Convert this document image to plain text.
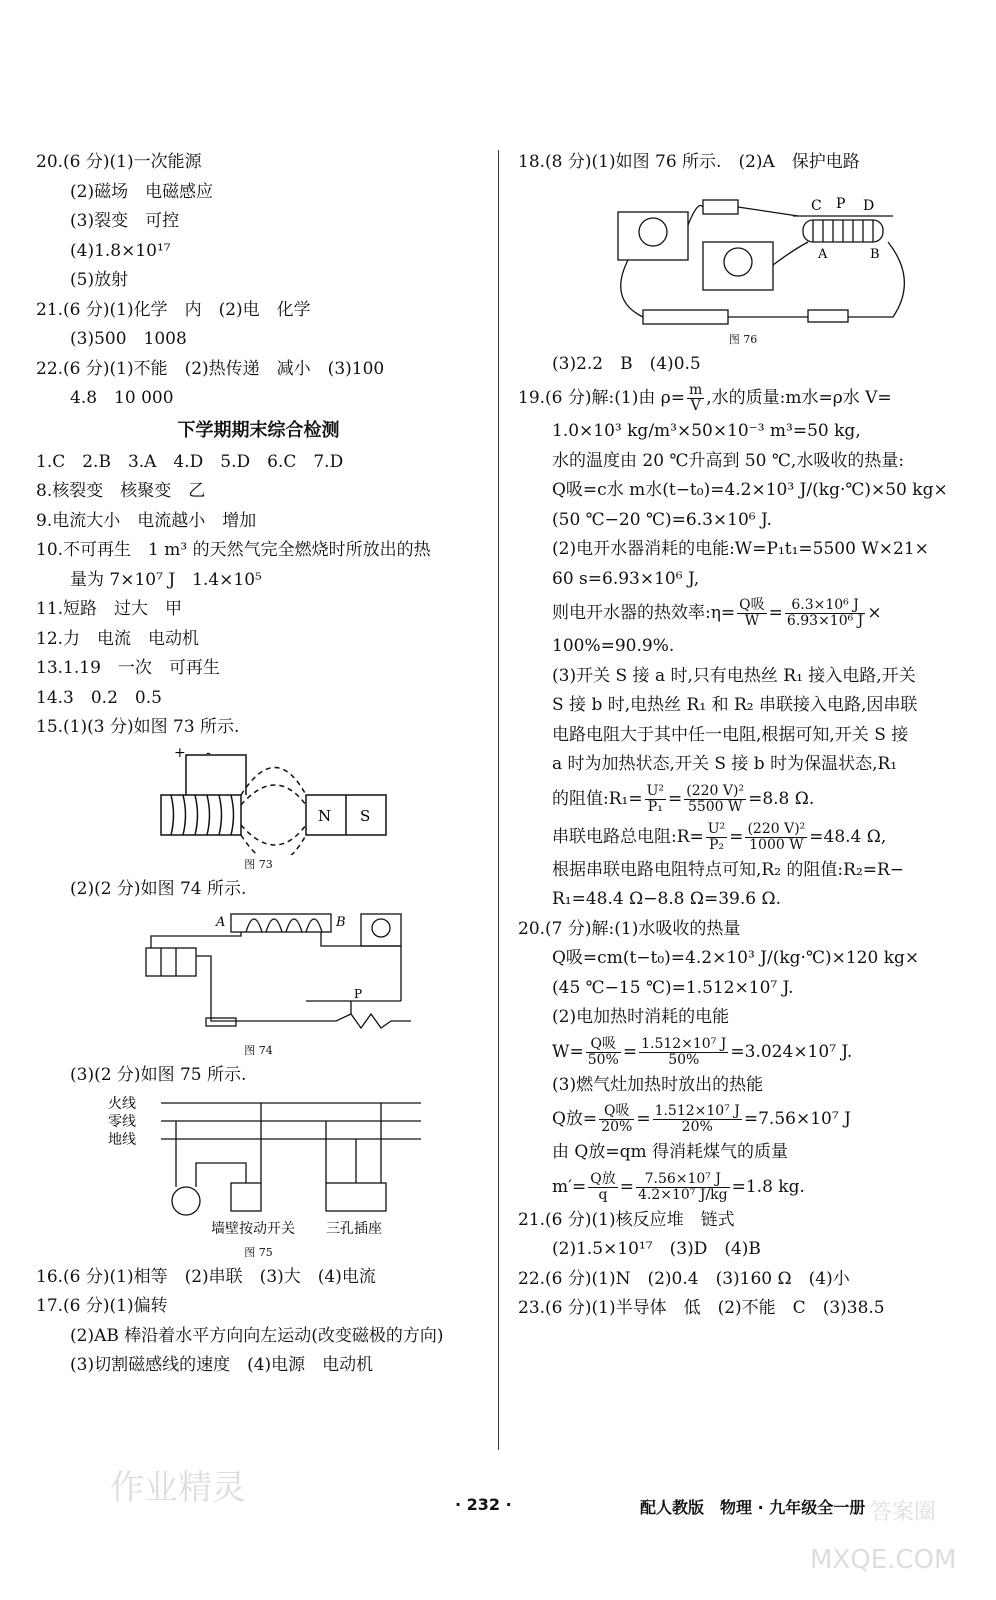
20.(6 分)(1)一次能源
(2)磁场　电磁感应
(3)裂变　可控
(4)1.8×10¹⁷
(5)放射
21.(6 分)(1)化学　内　(2)电　化学
(3)500　1008
22.(6 分)(1)不能　(2)热传递　减小　(3)100
4.8　10 000
下学期期末综合检测
1.C　2.B　3.A　4.D　5.D　6.C　7.D
8.核裂变　核聚变　乙
9.电流大小　电流越小　增加
10.不可再生　1 m³ 的天然气完全燃烧时所放出的热
量为 7×10⁷ J　1.4×10⁵
11.短路　过大　甲
12.力　电流　电动机
13.1.19　一次　可再生
14.3　0.2　0.5
15.(1)(3 分)如图 73 所示.
+ -
N S
图 73
(2)(2 分)如图 74 所示.
A	B
P
图 74
(3)(2 分)如图 75 所示.
火线
零线
地线
墙壁按动开关 三孔插座
图 75
16.(6 分)(1)相等　(2)串联　(3)大　(4)电流
17.(6 分)(1)偏转
(2)AB 棒沿着水平方向向左运动(改变磁极的方向)
(3)切割磁感线的速度　(4)电源　电动机
18.(8 分)(1)如图 76 所示.　(2)A　保护电路
C P D
A	B
图 76
(3)2.2　B　(4)0.5
19.(6 分)解:(1)由 $\rho= \frac{m}{V}$ ,水的质量:m水=ρ水 V=
1.0×10³ kg/m³×50×10⁻³ m³=50 kg,
水的温度由 20 ℃升高到 50 ℃,水吸收的热量:
Q吸=c水 m水(t−t₀)=4.2×10³ J/(kg·℃)×50 kg×
(50 ℃−20 ℃)=6.3×10⁶ J.
(2)电开水器消耗的电能:W=P₁t₁=5500 W×21×
60 s=6.93×10⁶ J,
则电开水器的热效率:η= $\frac{\text{Q吸}}{W} = \frac{\text{6.3×10⁶ J}}{\text{6.93×10⁶ J}}$ ×
100%=90.9%.
(3)开关 S 接 a 时,只有电热丝 R₁ 接入电路,开关
S 接 b 时,电热丝 R₁ 和 R₂ 串联接入电路,因串联
电路电阻大于其中任一电阻,根据可知,开关 S 接
a 时为加热状态,开关 S 接 b 时为保温状态,R₁
的阻值:R₁= $\frac{\text{U²}}{\text{P₁}} = \frac{\text{(220 V)²}}{5500 W} =8.8$ Ω.
串联电路总电阻:R= $\frac{\text{U²}}{\text{P₂}} = \frac{\text{(220 V)²}}{1000 W} =48.4$ Ω,
根据串联电路电阻特点可知,R₂ 的阻值:R₂=R−
R₁=48.4 Ω−8.8 Ω=39.6 Ω.
20.(7 分)解:(1)水吸收的热量
Q吸=cm(t−t₀)=4.2×10³ J/(kg·℃)×120 kg×
(45 ℃−15 ℃)=1.512×10⁷ J.
(2)电加热时消耗的电能
$W= \frac{\text{Q吸}}{50\%} = \frac{\text{1.512×10⁷ J}}{50\%} =3.024\times 10^7$ J.
(3)燃气灶加热时放出的热能
Q放= $\frac{\text{Q吸}}{20\%} = \frac{\text{1.512×10⁷ J}}{20\%} =7.56\times 10^7$ J
由 Q放=qm 得消耗煤气的质量
$m'= \frac{\text{Q放}}{q} = \frac{\text{7.56×10⁷ J}}{\text{4.2×10⁷ J/kg}} =1.8$ kg.
21.(6 分)(1)核反应堆　链式
(2)1.5×10¹⁷　(3)D　(4)B
22.(6 分)(1)N　(2)0.4　(3)160 Ω　(4)小
23.(6 分)(1)半导体　低　(2)不能　C　(3)38.5
· 232 ·	配人教版　物理 · 九年级全一册
作业精灵
答案圈
MXQE.COM
